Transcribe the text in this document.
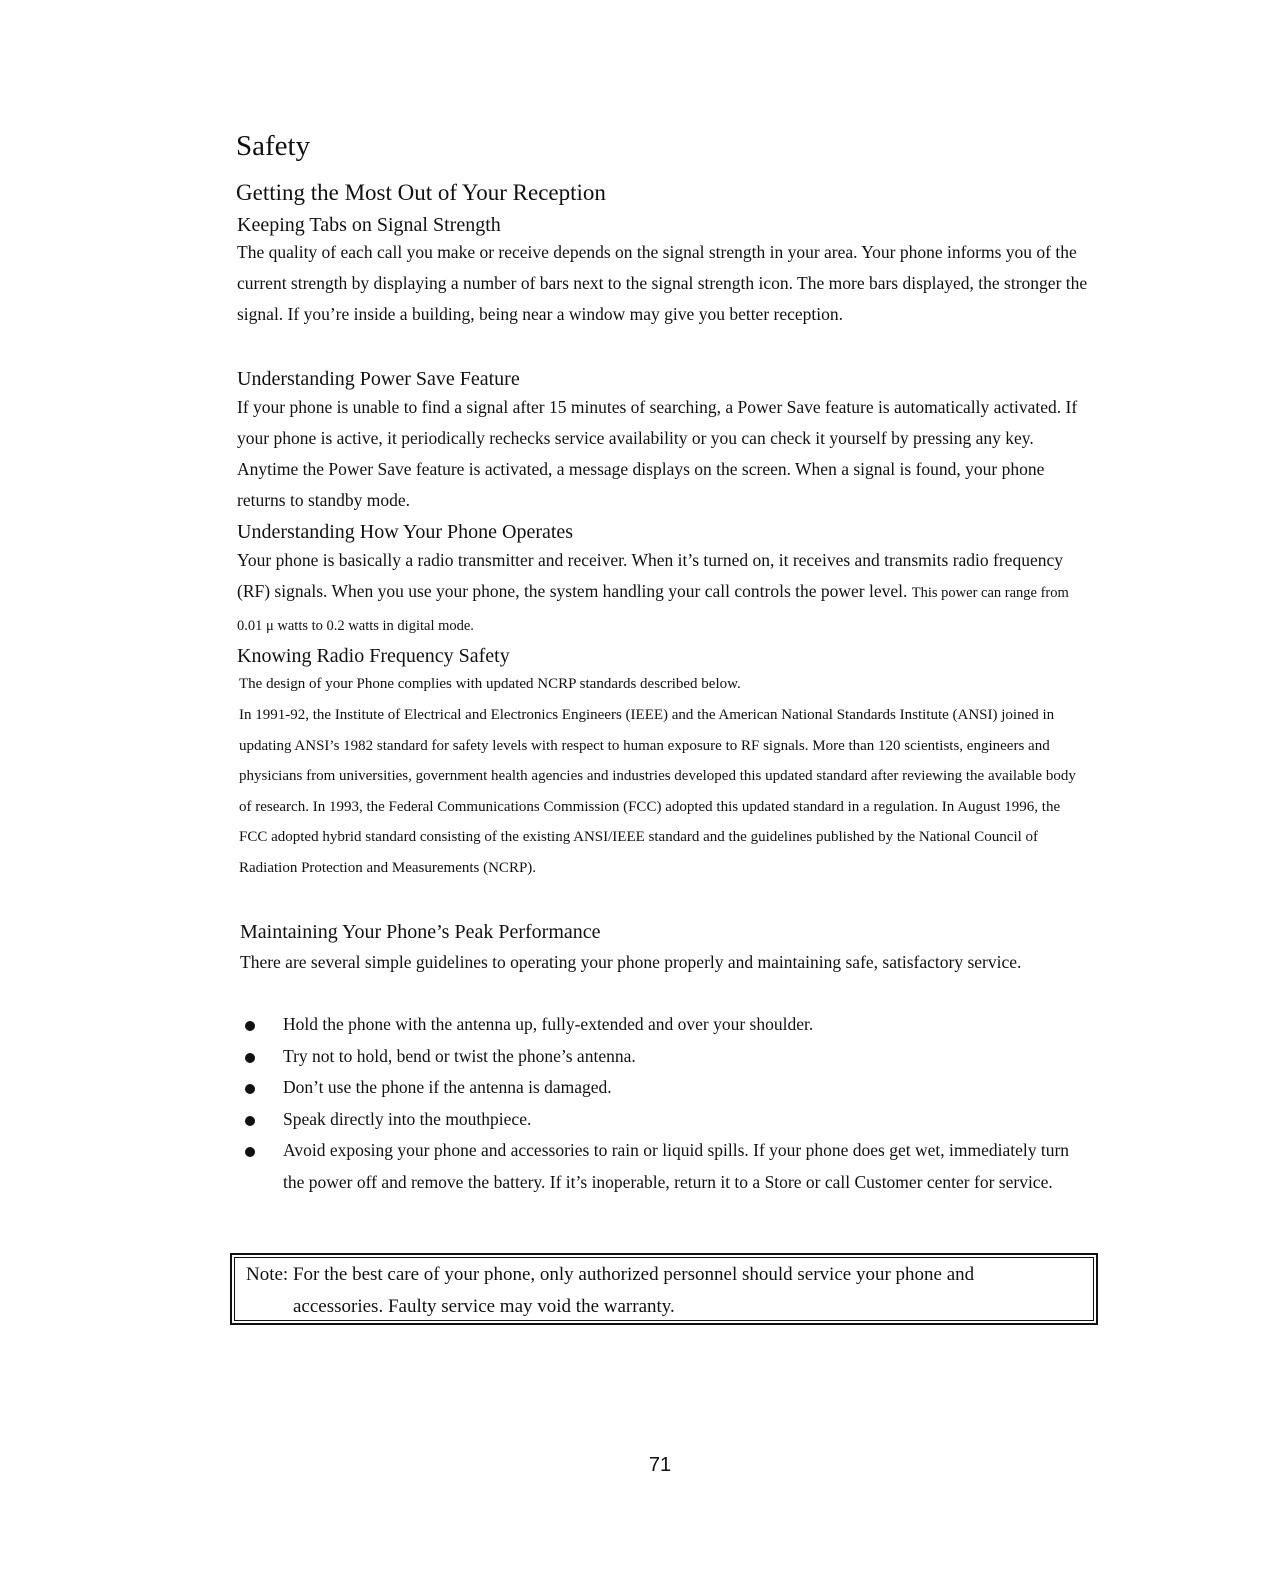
Safety
Getting the Most Out of Your Reception
Keeping Tabs on Signal Strength
The quality of each call you make or receive depends on the signal strength in your area. Your phone informs you of the current strength by displaying a number of bars next to the signal strength icon. The more bars displayed, the stronger the signal. If you’re inside a building, being near a window may give you better reception.
Understanding Power Save Feature
If your phone is unable to find a signal after 15 minutes of searching, a Power Save feature is automatically activated. If your phone is active, it periodically rechecks service availability or you can check it yourself by pressing any key. Anytime the Power Save feature is activated, a message displays on the screen. When a signal is found, your phone returns to standby mode.
Understanding How Your Phone Operates
Your phone is basically a radio transmitter and receiver. When it’s turned on, it receives and transmits radio frequency (RF) signals. When you use your phone, the system handling your call controls the power level. This power can range from 0.01 μ watts to 0.2 watts in digital mode.
Knowing Radio Frequency Safety
The design of your Phone complies with updated NCRP standards described below.
In 1991-92, the Institute of Electrical and Electronics Engineers (IEEE) and the American National Standards Institute (ANSI) joined in updating ANSI’s 1982 standard for safety levels with respect to human exposure to RF signals. More than 120 scientists, engineers and physicians from universities, government health agencies and industries developed this updated standard after reviewing the available body of research. In 1993, the Federal Communications Commission (FCC) adopted this updated standard in a regulation. In August 1996, the FCC adopted hybrid standard consisting of the existing ANSI/IEEE standard and the guidelines published by the National Council of Radiation Protection and Measurements (NCRP).
Maintaining Your Phone’s Peak Performance
There are several simple guidelines to operating your phone properly and maintaining safe, satisfactory service.
Hold the phone with the antenna up, fully-extended and over your shoulder.
Try not to hold, bend or twist the phone’s antenna.
Don’t use the phone if the antenna is damaged.
Speak directly into the mouthpiece.
Avoid exposing your phone and accessories to rain or liquid spills. If your phone does get wet, immediately turn the power off and remove the battery. If it’s inoperable, return it to a Store or call Customer center for service.
Note: For the best care of your phone, only authorized personnel should service your phone and
accessories. Faulty service may void the warranty.
71
